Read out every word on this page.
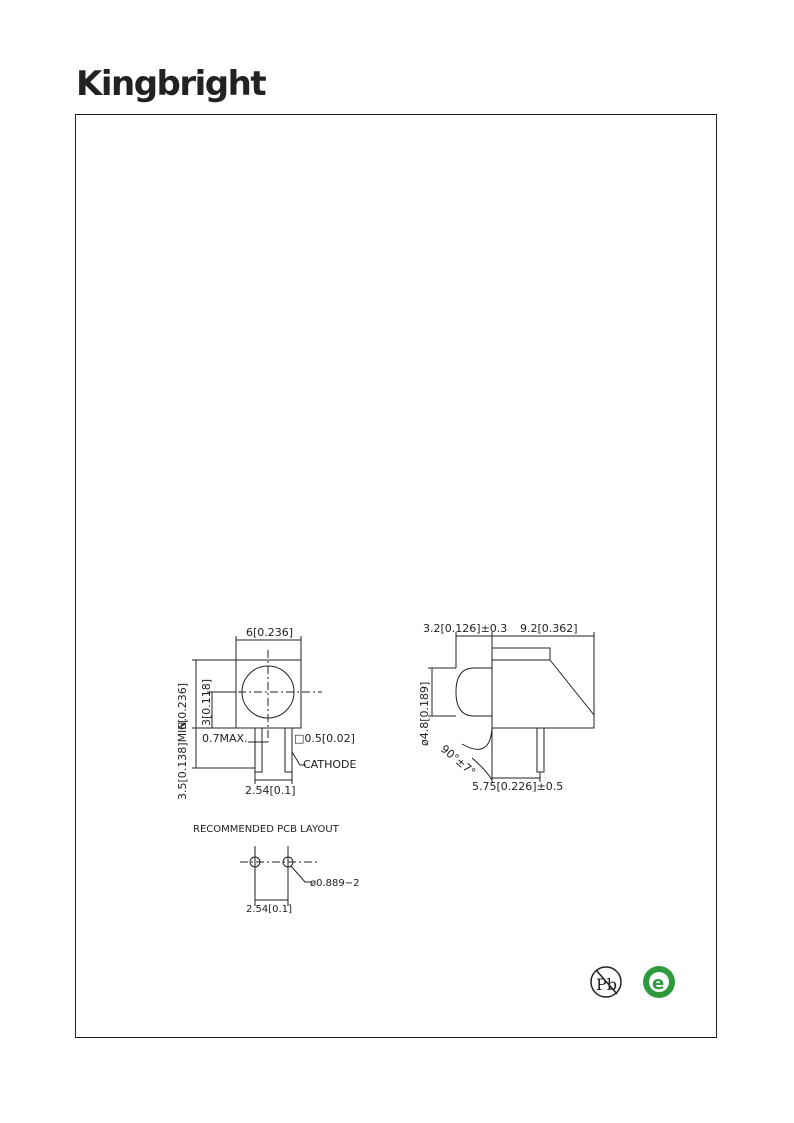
Kingbright
6[0.236]
6[0.236] 3[0.118]
3.5[0.138]MIN. 0.7MAX.	□0.5[0.02]
CATHODE
2.54[0.1]
3.2[0.126]±0.3 9.2[0.362]
ø4.8[0.189]
90°±7°
5.75[0.226]±0.5
RECOMMENDED PCB LAYOUT
ø0.889−2
2.54[0.1]
Pb e
